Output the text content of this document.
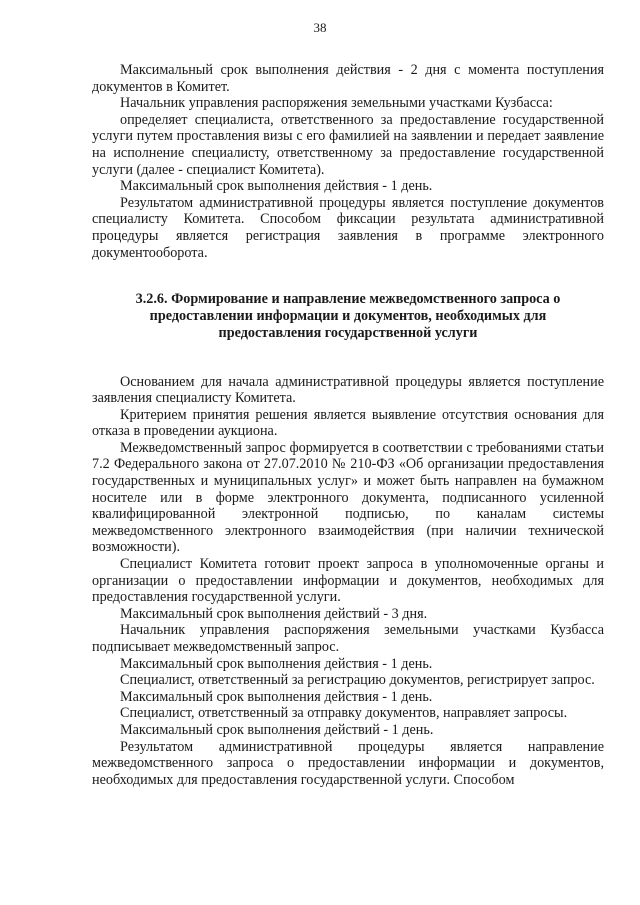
38

Максимальный срок выполнения действия - 2 дня с момента поступления документов в Комитет.

Начальник управления распоряжения земельными участками Кузбасса:

определяет специалиста, ответственного за предоставление государственной услуги путем проставления визы с его фамилией на заявлении и передает заявление на исполнение специалисту, ответственному за предоставление государственной услуги (далее - специалист Комитета).

Максимальный срок выполнения действия - 1 день.

Результатом административной процедуры является поступление документов специалисту Комитета. Способом фиксации результата административной процедуры является регистрация заявления в программе электронного документооборота.

3.2.6. Формирование и направление межведомственного запроса о предоставлении информации и документов, необходимых для предоставления государственной услуги

Основанием для начала административной процедуры является поступление заявления специалисту Комитета.

Критерием принятия решения является выявление отсутствия основания для отказа в проведении аукциона.

Межведомственный запрос формируется в соответствии с требованиями статьи 7.2 Федерального закона от 27.07.2010 № 210-ФЗ «Об организации предоставления государственных и муниципальных услуг» и может быть направлен на бумажном носителе или в форме электронного документа, подписанного усиленной квалифицированной электронной подписью, по каналам системы межведомственного электронного взаимодействия (при наличии технической возможности).

Специалист Комитета готовит проект запроса в уполномоченные органы и организации о предоставлении информации и документов, необходимых для предоставления государственной услуги.

Максимальный срок выполнения действий - 3 дня.

Начальник управления распоряжения земельными участками Кузбасса подписывает межведомственный запрос.

Максимальный срок выполнения действия - 1 день.

Специалист, ответственный за регистрацию документов, регистрирует запрос.

Максимальный срок выполнения действия - 1 день.

Специалист, ответственный за отправку документов, направляет запросы.

Максимальный срок выполнения действий - 1 день.

Результатом административной процедуры является направление межведомственного запроса о предоставлении информации и документов, необходимых для предоставления государственной услуги. Способом
